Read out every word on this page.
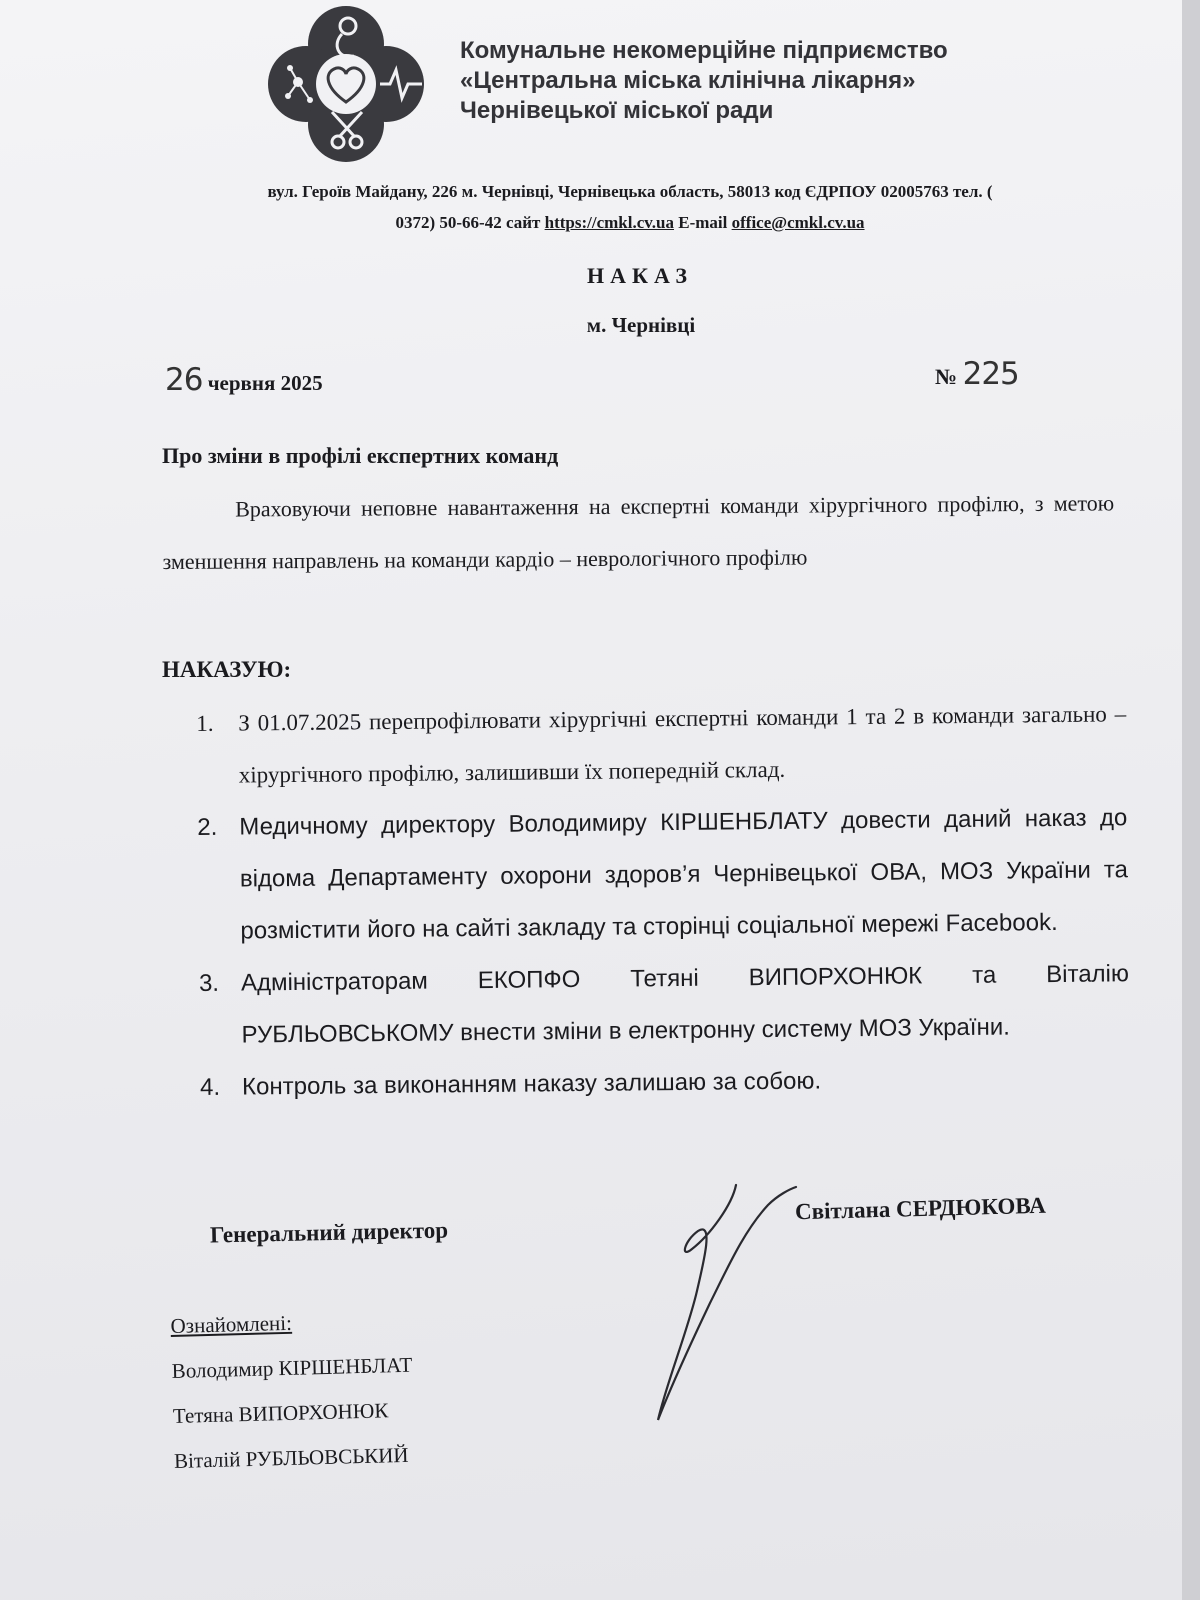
Комунальне некомерційне підприємство
«Центральна міська клінічна лікарня»
Чернівецької міської ради
вул. Героїв Майдану, 226 м. Чернівці, Чернівецька область, 58013 код ЄДРПОУ 02005763 тел. (
0372) 50-66-42 сайт https://cmkl.cv.ua E-mail office@cmkl.cv.ua
НАКАЗ
м. Чернівці
26 червня 2025	№ 225
Про зміни в профілі експертних команд
Враховуючи неповне навантаження на експертні команди хірургічного профілю, з метою зменшення направлень на команди кардіо – неврологічного профілю
НАКАЗУЮ:
1. З 01.07.2025 перепрофілювати хірургічні експертні команди 1 та 2 в команди загально – хірургічного профілю, залишивши їх попередній склад.
2. Медичному директору Володимиру КІРШЕНБЛАТУ довести даний наказ до відома Департаменту охорони здоров’я Чернівецької ОВА, МОЗ України та розмістити його на сайті закладу та сторінці соціальної мережі Facebook.
3. Адміністраторам ЕКОПФО Тетяні ВИПОРХОНЮК та Віталію РУБЛЬОВСЬКОМУ внести зміни в електронну систему МОЗ України.
4. Контроль за виконанням наказу залишаю за собою.
Генеральний директор
Світлана СЕРДЮКОВА
Ознайомлені:
Володимир КІРШЕНБЛАТ
Тетяна ВИПОРХОНЮК
Віталій РУБЛЬОВСЬКИЙ
